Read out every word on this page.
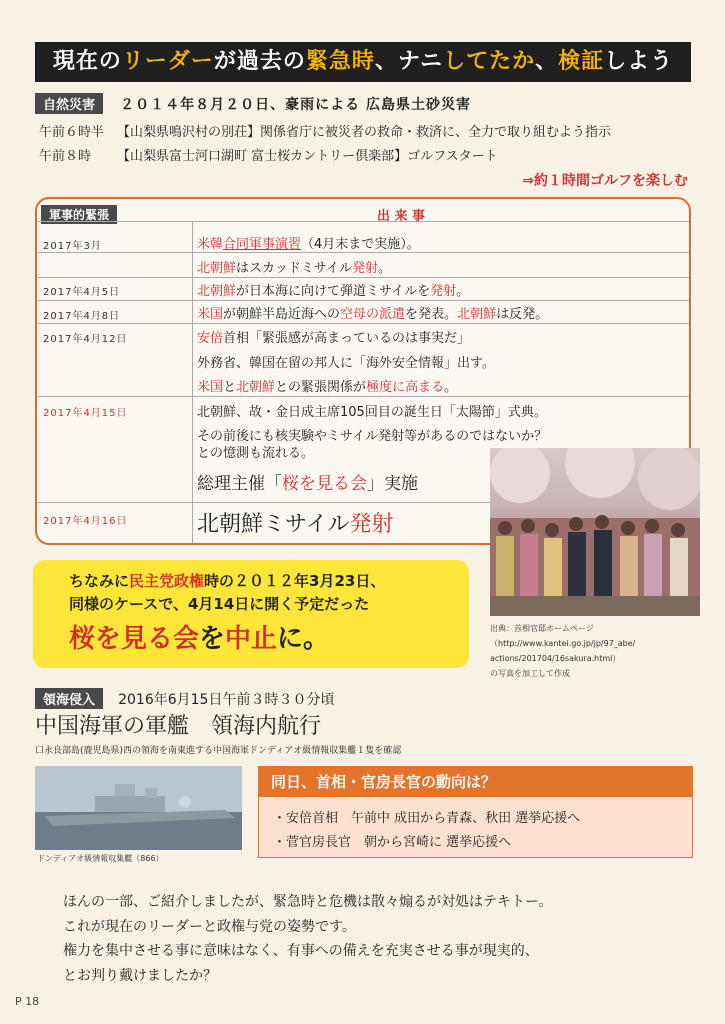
現在のリーダーが過去の緊急時、ナニしてたか、検証しよう
自然災害 ２０１４年８月２０日、豪雨による 広島県土砂災害
午前６時半 【山梨県鳴沢村の別荘】関係省庁に被災者の救命・救済に、全力で取り組むよう指示
午前８時 【山梨県富士河口湖町 富士桜カントリー倶楽部】ゴルフスタート
⇒約１時間ゴルフを楽しむ
軍事的緊張	出 来 事
2017年3月
2017年4月5日
2017年4月8日
2017年4月12日
2017年4月15日
2017年4月16日
米韓合同軍事演習（4月末まで実施）。
北朝鮮はスカッドミサイル発射。
北朝鮮が日本海に向けて弾道ミサイルを発射。
米国が朝鮮半島近海への空母の派遣を発表。北朝鮮は反発。
安倍首相「緊張感が高まっているのは事実だ」
外務省、韓国在留の邦人に「海外安全情報」出す。
米国と北朝鮮との緊張関係が極度に高まる。
北朝鮮、故・金日成主席105回目の誕生日「太陽節」式典。
その前後にも核実験やミサイル発射等があるのではないか？
との憶測も流れる。
総理主催「桜を見る会」実施
北朝鮮ミサイル発射
出典：首相官邸ホームページ
（http://www.kantei.go.jp/jp/97_abe/
actions/201704/16sakura.html）
の写真を加工して作成
ちなみに民主党政権時の２０１２年3月23日、
同様のケースで、4月14日に開く予定だった
桜を見る会を中止に。
領海侵入 2016年6月15日午前３時３０分頃
中国海軍の軍艦　領海内航行
口永良部島(鹿児島県)西の領海を南東進する中国海軍ドンディアオ級情報収集艦１隻を確認
ドンディアオ級情報収集艦（866）
同日、首相・官房長官の動向は？
・安倍首相　午前中 成田から青森、秋田 選挙応援へ
・菅官房長官　朝から宮崎に 選挙応援へ
ほんの一部、ご紹介しましたが、緊急時と危機は散々煽るが対処はテキトー。
これが現在のリーダーと政権与党の姿勢です。
権力を集中させる事に意味はなく、有事への備えを充実させる事が現実的、
とお判り戴けましたか？
P 18
